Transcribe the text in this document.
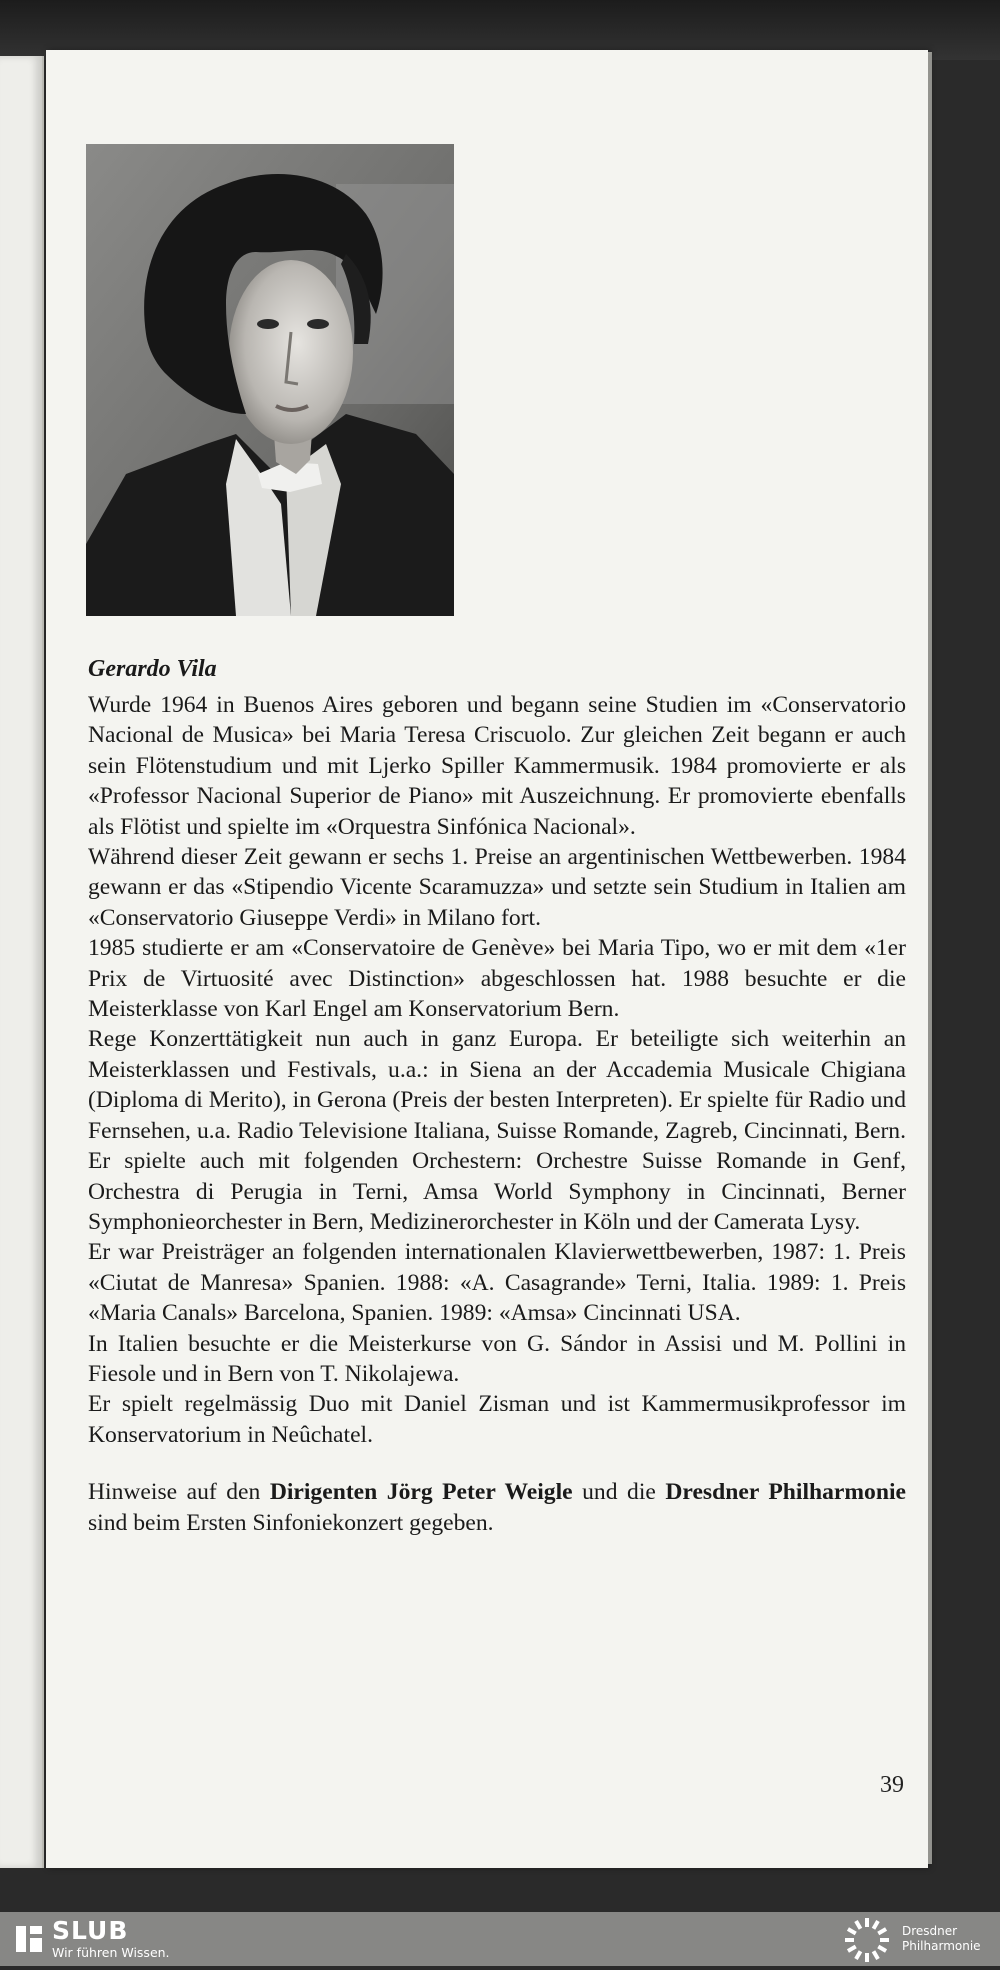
Gerardo Vila

Wurde 1964 in Buenos Aires geboren und begann seine Studien im «Conservatorio Nacional de Musica» bei Maria Teresa Criscuolo. Zur gleichen Zeit begann er auch sein Flötenstudium und mit Ljerko Spiller Kammermusik. 1984 promovierte er als «Professor Nacional Superior de Piano» mit Auszeichnung. Er promovierte ebenfalls als Flötist und spielte im «Orquestra Sinfónica Nacional».

Während dieser Zeit gewann er sechs 1. Preise an argentinischen Wettbewerben. 1984 gewann er das «Stipendio Vicente Scaramuzza» und setzte sein Studium in Italien am «Conservatorio Giuseppe Verdi» in Milano fort.

1985 studierte er am «Conservatoire de Genève» bei Maria Tipo, wo er mit dem «1er Prix de Virtuosité avec Distinction» abgeschlossen hat. 1988 besuchte er die Meisterklasse von Karl Engel am Konservatorium Bern.

Rege Konzerttätigkeit nun auch in ganz Europa. Er beteiligte sich weiterhin an Meisterklassen und Festivals, u.a.: in Siena an der Accademia Musicale Chigiana (Diploma di Merito), in Gerona (Preis der besten Interpreten). Er spielte für Radio und Fernsehen, u.a. Radio Televisione Italiana, Suisse Romande, Zagreb, Cincinnati, Bern. Er spielte auch mit folgenden Orchestern: Orchestre Suisse Romande in Genf, Orchestra di Perugia in Terni, Amsa World Symphony in Cincinnati, Berner Symphonieorchester in Bern, Medizinerorchester in Köln und der Camerata Lysy.

Er war Preisträger an folgenden internationalen Klavierwettbewerben, 1987: 1. Preis «Ciutat de Manresa» Spanien. 1988: «A. Casagrande» Terni, Italia. 1989: 1. Preis «Maria Canals» Barcelona, Spanien. 1989: «Amsa» Cincinnati USA.

In Italien besuchte er die Meisterkurse von G. Sándor in Assisi und M. Pollini in Fiesole und in Bern von T. Nikolajewa.

Er spielt regelmässig Duo mit Daniel Zisman und ist Kammermusikprofessor im Konservatorium in Neûchatel.

Hinweise auf den Dirigenten Jörg Peter Weigle und die Dresdner Philharmonie sind beim Ersten Sinfoniekonzert gegeben.

39
SLUB
Wir führen Wissen.
Dresdner
Philharmonie
